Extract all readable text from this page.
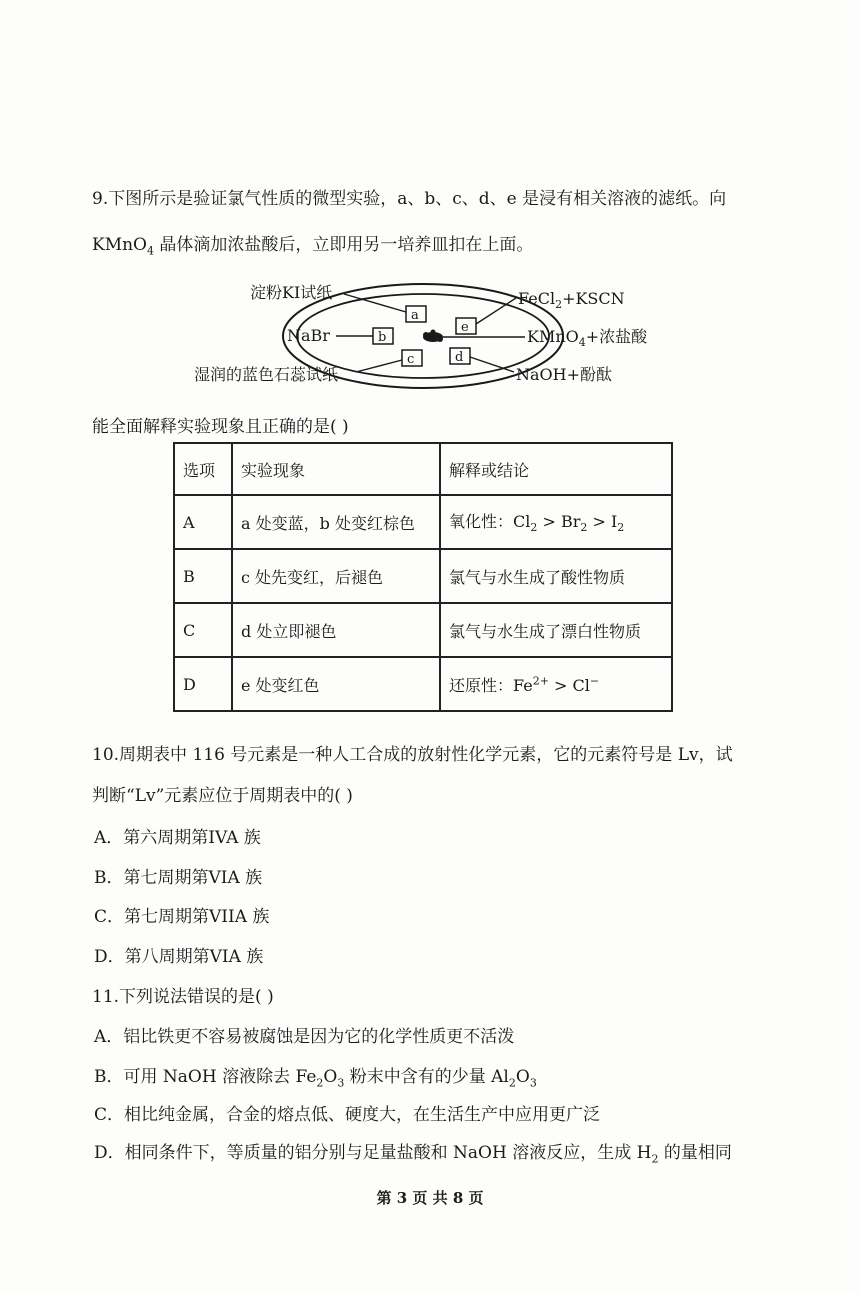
9.下图所示是验证氯气性质的微型实验，a、b、c、d、e 是浸有相关溶液的滤纸。向
KMnO$_4$ 晶体滴加浓盐酸后，立即用另一培养皿扣在上面。
a
e
b
c	d
淀粉KI试纸	FeCl$_2$+KSCN
NaBr	KMnO$_4$+浓盐酸
湿润的蓝色石蕊试纸	NaOH+酚酞
能全面解释实验现象且正确的是( )
选项	实验现象	解释或结论
A	a 处变蓝，b 处变红棕色	氧化性：$Cl_2 > Br_2 > I_2$
B	c 处先变红，后褪色	氯气与水生成了酸性物质
C	d 处立即褪色	氯气与水生成了漂白性物质
D	e 处变红色	还原性：$Fe^{2+} > Cl^-$
10.周期表中 116 号元素是一种人工合成的放射性化学元素，它的元素符号是 Lv，试
判断“Lv”元素应位于周期表中的( )
A．第六周期第IVA 族
B．第七周期第VIA 族
C．第七周期第VIIA 族
D．第八周期第VIA 族
11.下列说法错误的是( )
A．铝比铁更不容易被腐蚀是因为它的化学性质更不活泼
B．可用 NaOH 溶液除去 $Fe_2O_3$ 粉末中含有的少量 $Al_2O_3$
C．相比纯金属，合金的熔点低、硬度大，在生活生产中应用更广泛
D．相同条件下，等质量的铝分别与足量盐酸和 NaOH 溶液反应，生成 $H_2$ 的量相同
第 3 页 共 8 页
